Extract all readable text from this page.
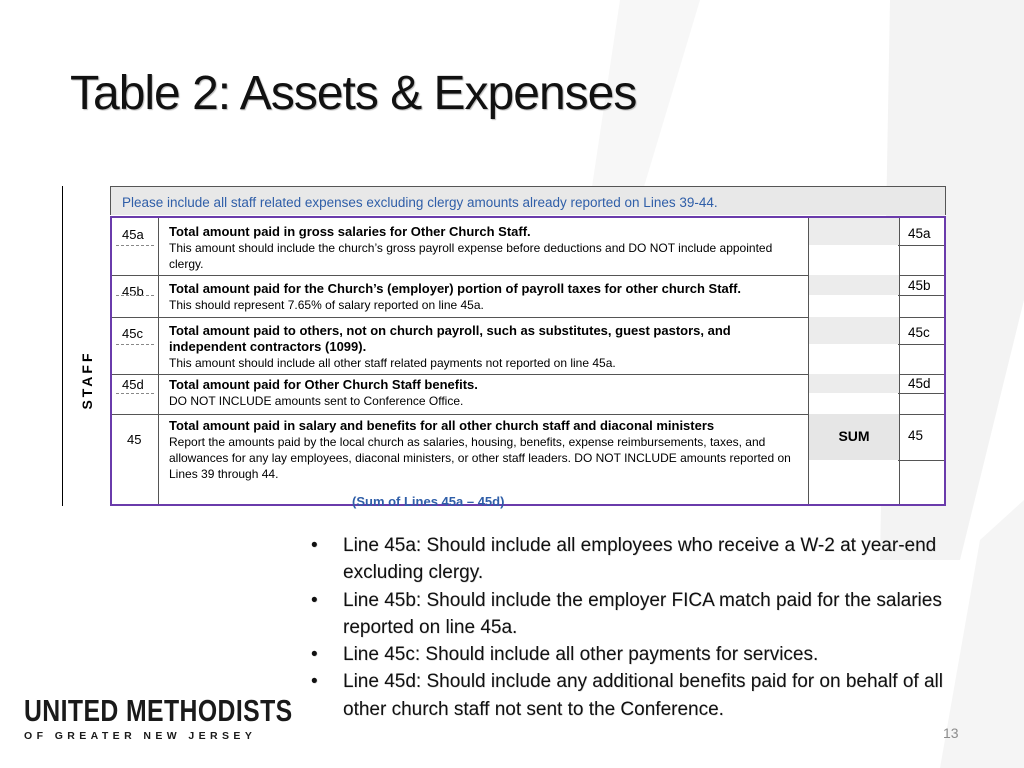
Table 2: Assets & Expenses
STAFF
Please include all staff related expenses excluding clergy amounts already reported on Lines 39-44.
45a Total amount paid in gross salaries for Other Church Staff.
This amount should include the church’s gross payroll expense before deductions and DO NOT include appointed clergy.
45a
45b Total amount paid for the Church’s (employer) portion of payroll taxes for other church Staff.
This should represent 7.65% of salary reported on line 45a.
45b
45c Total amount paid to others, not on church payroll, such as substitutes, guest pastors, and independent contractors (1099).
This amount should include all other staff related payments not reported on line 45a.
45c
45d Total amount paid for Other Church Staff benefits.
DO NOT INCLUDE amounts sent to Conference Office.
45d
45
Total amount paid in salary and benefits for all other church staff and diaconal ministers
Report the amounts paid by the local church as salaries, housing, benefits, expense reimbursements, taxes, and allowances for any lay employees, diaconal ministers, or other staff leaders. DO NOT INCLUDE amounts reported on Lines 39 through 44.
(Sum of Lines 45a – 45d)
SUM	45
• Line 45a: Should include all employees who receive a W-2 at year-end excluding clergy.
• Line 45b: Should include the employer FICA match paid for the salaries reported on line 45a.
• Line 45c: Should include all other payments for services.
• Line 45d: Should include any additional benefits paid for on behalf of all other church staff not sent to the Conference.
UNITED METHODISTS
OF GREATER NEW JERSEY	13
